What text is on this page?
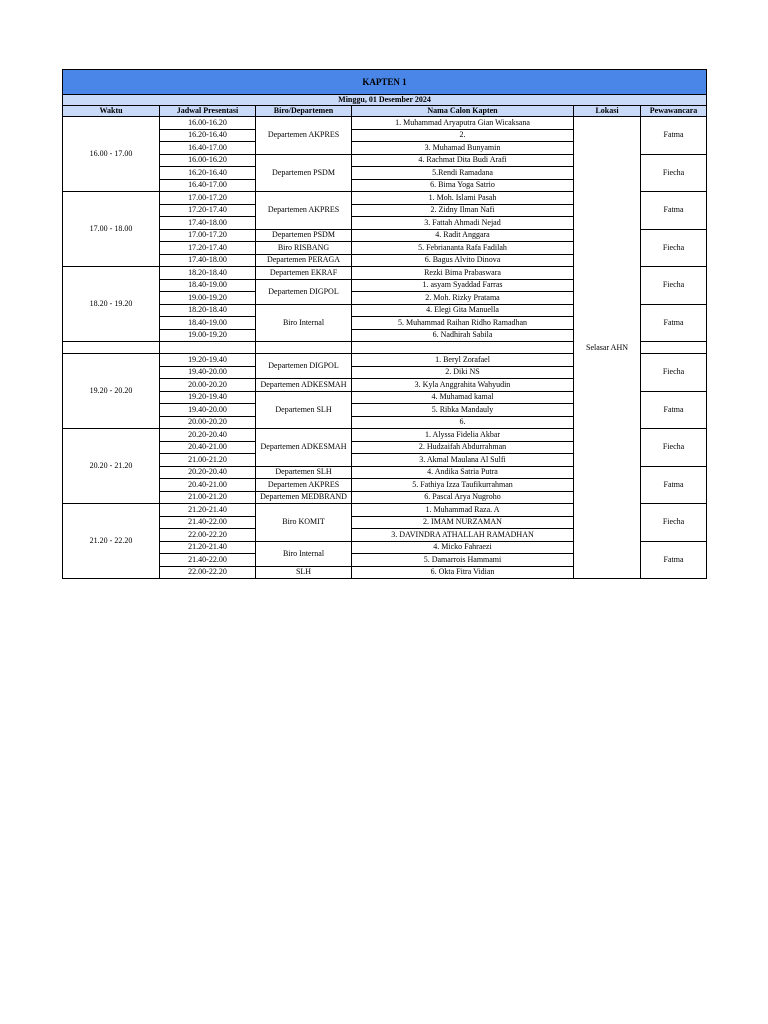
KAPTEN 1					
Minggu, 01 Desember 2024					
Waktu	Jadwal Presentasi	Biro/Departemen	Nama Calon Kapten	Lokasi	Pewawancara
16.00 - 17.00	16.00-16.20	Departemen AKPRES	1. Muhammad Aryaputra Gian Wicaksana	Selasar AHN	Fatma
	16.20-16.40		2.		
	16.40-17.00		3. Muhamad Bunyamin		
	16.00-16.20	Departemen PSDM	4. Rachmat Dita Budi Arafi		Fiecha
	16.20-16.40		5.Rendi Ramadana		
	16.40-17.00		6. Bima Yoga Satrio		
17.00 - 18.00	17.00-17.20	Departemen AKPRES	1. Moh. Islami Pasah		Fatma
	17.20-17.40		2. Zidny Ilman Nafi		
	17.40-18.00		3. Fattah Ahmadi Nejad		
	17.00-17.20	Departemen PSDM	4. Radit Anggara		Fiecha
	17.20-17.40	Biro RISBANG	5. Febriananta Rafa Fadilah		
	17.40-18.00	Departemen PERAGA	6. Bagus Alvito Dinova		
18.20 - 19.20	18.20-18.40	Departemen EKRAF	Rezki Bima Prabaswara		Fiecha
	18.40-19.00	Departemen DIGPOL	1. asyam Syaddad Farras		
	19.00-19.20		2. Moh. Rizky Pratama		
	18.20-18.40	Biro Internal	4. Elegi Gita Manuella		Fatma
	18.40-19.00		5. Muhammad Raihan Ridho Ramadhan		
	19.00-19.20		6. Nadhirah Sabila		

19.20 - 20.20	19.20-19.40	Departemen DIGPOL	1. Beryl Zorafael		Fiecha
	19.40-20.00		2. Diki NS		
	20.00-20.20	Departemen ADKESMAH	3. Kyla Anggrahita Wahyudin		
	19.20-19.40	Departemen SLH	4. Muhamad kamal		Fatma
	19.40-20.00		5. Ribka Mandauly		
	20.00-20.20		6.		
20.20 - 21.20	20.20-20.40	Departemen ADKESMAH	1. Alyssa Fidelia Akbar		Fiecha
	20.40-21.00		2. Hudzaifah Abdurrahman		
	21.00-21.20		3. Akmal Maulana Al Sulfi		
	20.20-20.40	Departemen SLH	4. Andika Satria Putra		Fatma
	20.40-21.00	Departemen AKPRES	5. Fathiya Izza Taufikurrahman		
	21.00-21.20	Departemen MEDBRAND	6. Pascal Arya Nugroho		
21.20 - 22.20	21.20-21.40	Biro KOMIT	1. Muhammad Raza. A		Fiecha
	21.40-22.00		2. IMAM NURZAMAN		
	22.00-22.20		3. DAVINDRA ATHALLAH RAMADHAN		
	21.20-21.40	Biro Internal	4. Micko Fahraezi		Fatma
	21.40-22.00		5. Damarrois Hammami		
	22.00-22.20	SLH	6. Okta Fitra Vidian		
